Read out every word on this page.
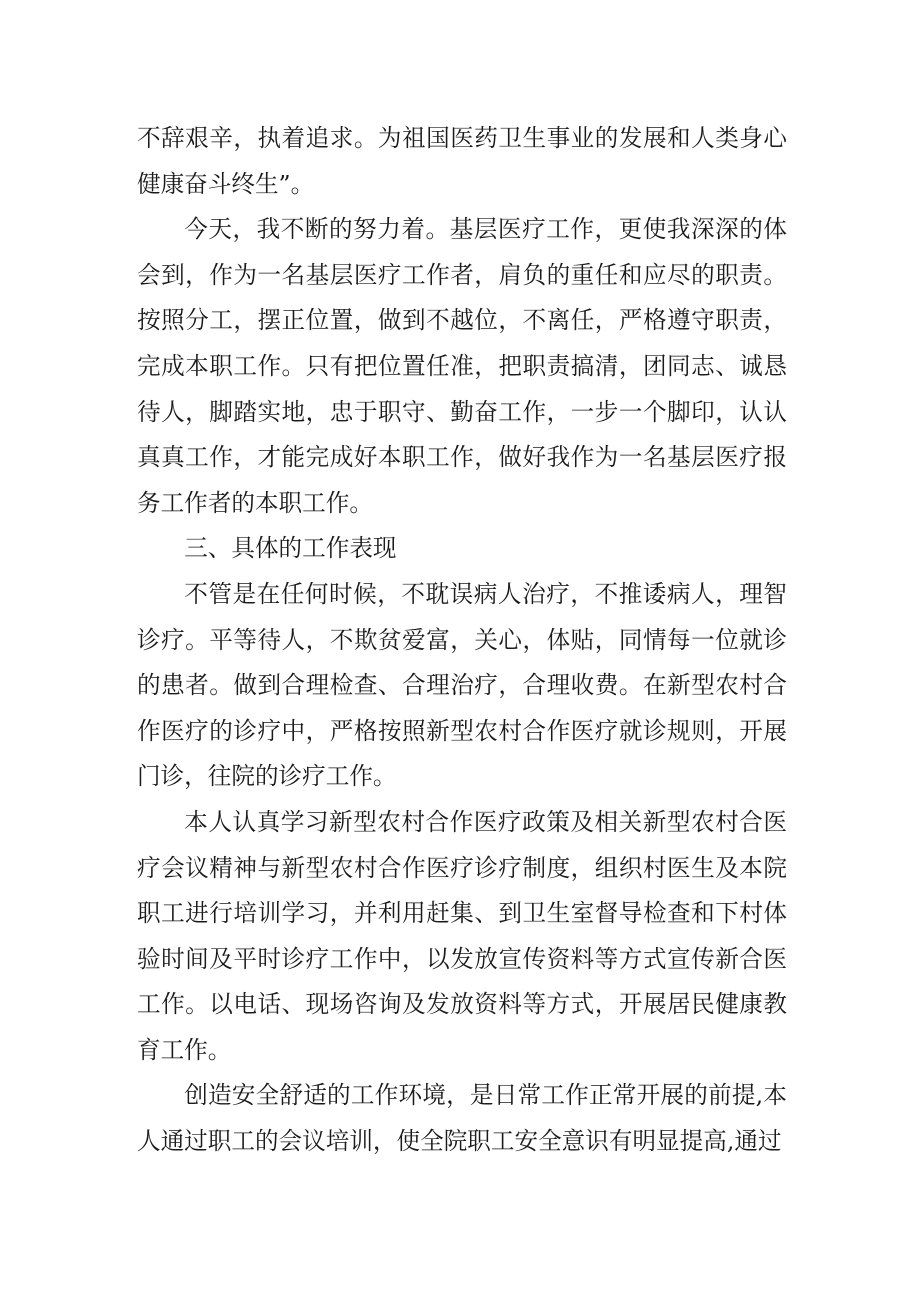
不辞艰辛，执着追求。为祖国医药卫生事业的发展和人类身心健康奋斗终生”。

今天，我不断的努力着。基层医疗工作，更使我深深的体会到，作为一名基层医疗工作者，肩负的重任和应尽的职责。按照分工，摆正位置，做到不越位，不离任，严格遵守职责，完成本职工作。只有把位置任准，把职责搞清，团同志、诚恳待人，脚踏实地，忠于职守、勤奋工作，一步一个脚印，认认真真工作，才能完成好本职工作，做好我作为一名基层医疗报务工作者的本职工作。

三、具体的工作表现

不管是在任何时候，不耽误病人治疗，不推诿病人，理智诊疗。平等待人，不欺贫爱富，关心，体贴，同情每一位就诊的患者。做到合理检查、合理治疗，合理收费。在新型农村合作医疗的诊疗中，严格按照新型农村合作医疗就诊规则，开展门诊，往院的诊疗工作。

本人认真学习新型农村合作医疗政策及相关新型农村合医疗会议精神与新型农村合作医疗诊疗制度，组织村医生及本院职工进行培训学习，并利用赶集、到卫生室督导检查和下村体验时间及平时诊疗工作中，以发放宣传资料等方式宣传新合医工作。以电话、现场咨询及发放资料等方式，开展居民健康教育工作。

创造安全舒适的工作环境，是日常工作正常开展的前提,本人通过职工的会议培训，使全院职工安全意识有明显提高,通过
